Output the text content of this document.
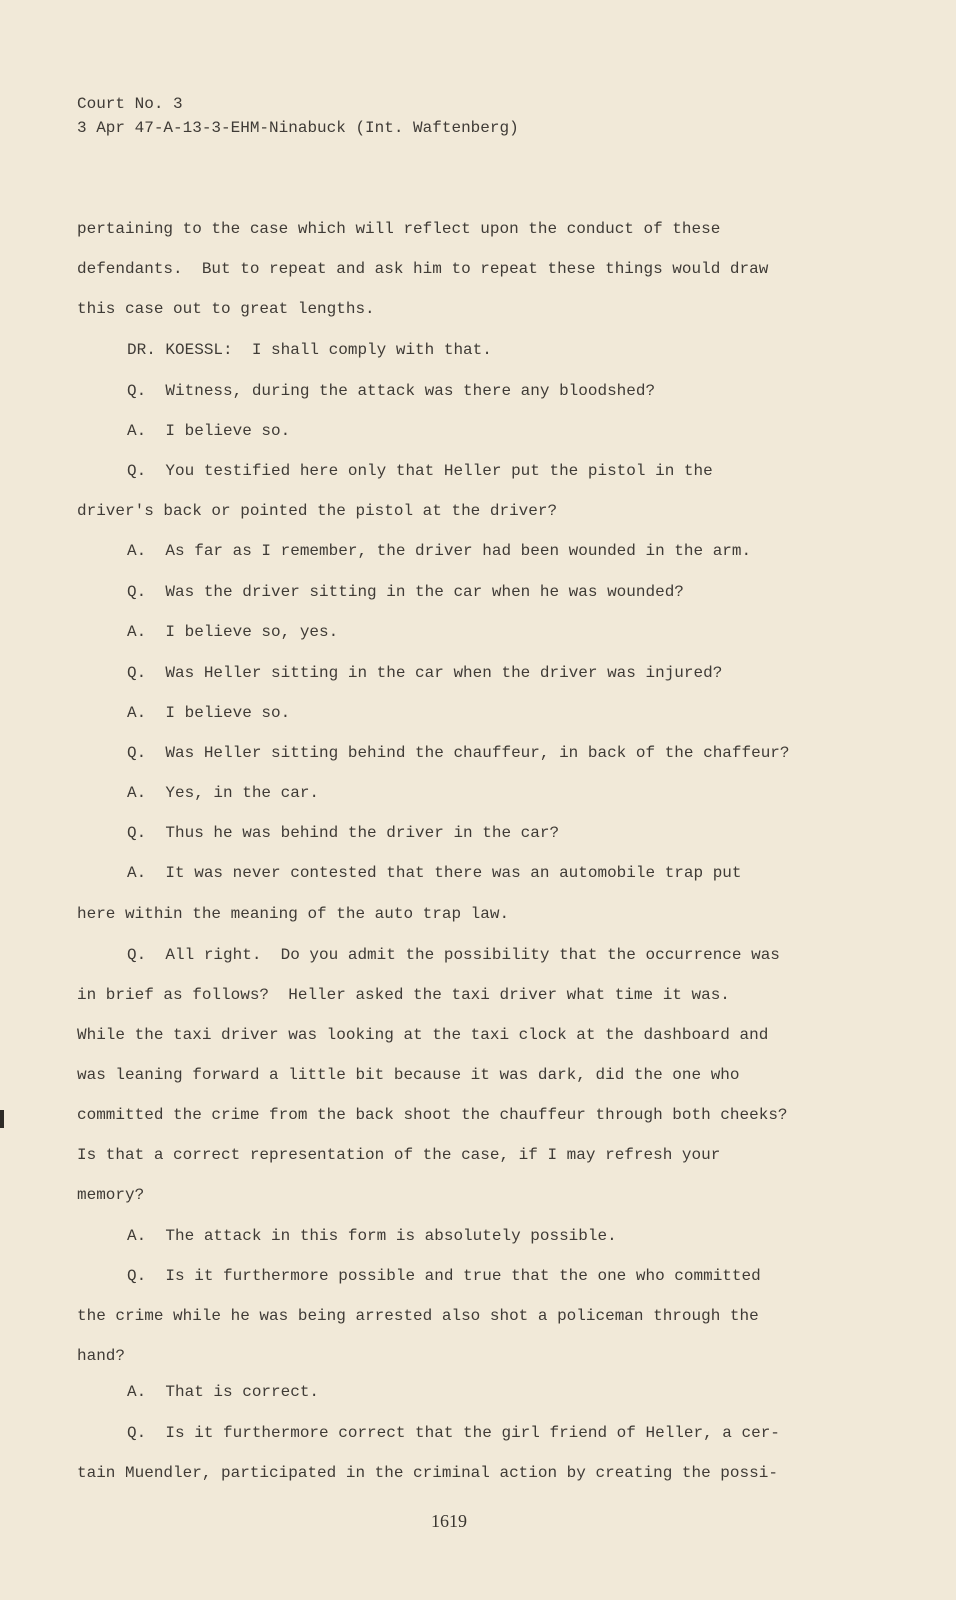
Court No. 3
3 Apr 47-A-13-3-EHM-Ninabuck (Int. Waftenberg)
pertaining to the case which will reflect upon the conduct of these
defendants.  But to repeat and ask him to repeat these things would draw
this case out to great lengths.
DR. KOESSL:  I shall comply with that.
Q.  Witness, during the attack was there any bloodshed?
A.  I believe so.
Q.  You testified here only that Heller put the pistol in the
driver's back or pointed the pistol at the driver?
A.  As far as I remember, the driver had been wounded in the arm.
Q.  Was the driver sitting in the car when he was wounded?
A.  I believe so, yes.
Q.  Was Heller sitting in the car when the driver was injured?
A.  I believe so.
Q.  Was Heller sitting behind the chauffeur, in back of the chaffeur?
A.  Yes, in the car.
Q.  Thus he was behind the driver in the car?
A.  It was never contested that there was an automobile trap put
here within the meaning of the auto trap law.
Q.  All right.  Do you admit the possibility that the occurrence was
in brief as follows?  Heller asked the taxi driver what time it was.
While the taxi driver was looking at the taxi clock at the dashboard and
was leaning forward a little bit because it was dark, did the one who
committed the crime from the back shoot the chauffeur through both cheeks?
Is that a correct representation of the case, if I may refresh your
memory?
A.  The attack in this form is absolutely possible.
Q.  Is it furthermore possible and true that the one who committed
the crime while he was being arrested also shot a policeman through the
hand?
A.  That is correct.
Q.  Is it furthermore correct that the girl friend of Heller, a cer-
tain Muendler, participated in the criminal action by creating the possi-
1619
